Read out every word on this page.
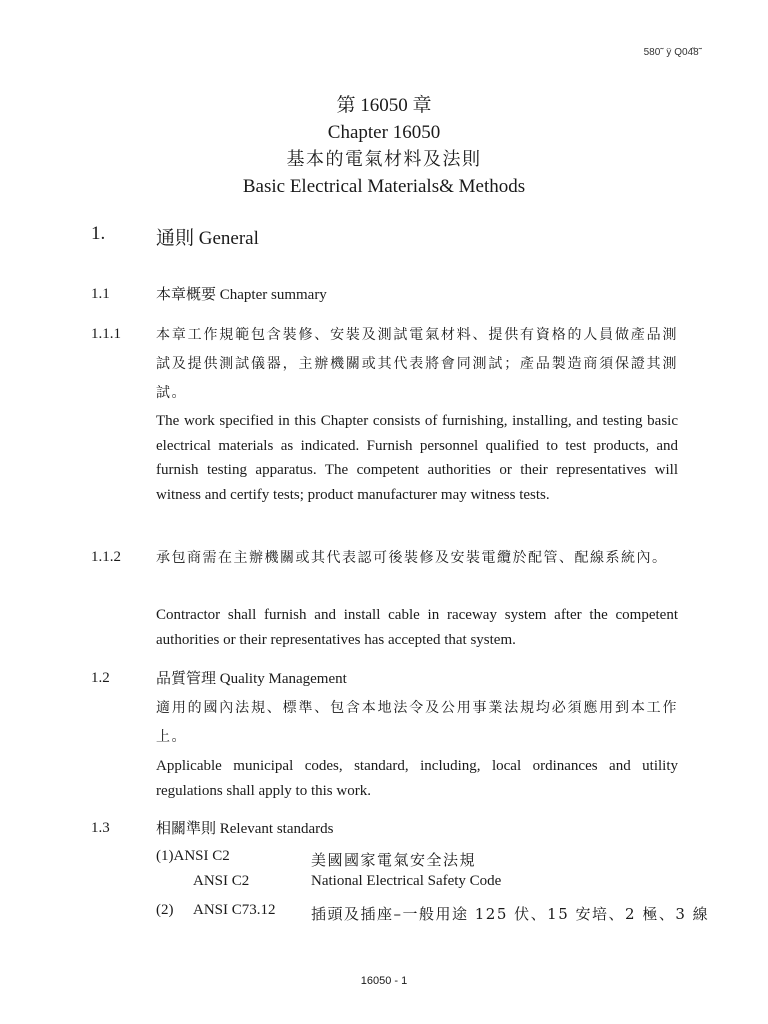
580˜ ÿ Q04̋8˜
第 16050 章
Chapter 16050
基本的電氣材料及法則
Basic Electrical Materials& Methods
1.	通則 General
1.1	本章概要 Chapter summary
1.1.1	本章工作規範包含裝修、安裝及測試電氣材料、提供有資格的人員做產品測試及提供測試儀器，主辦機關或其代表將會同測試；產品製造商須保證其測試。
The work specified in this Chapter consists of furnishing, installing, and testing basic electrical materials as indicated. Furnish personnel qualified to test products, and furnish testing apparatus. The competent authorities or their representatives will witness and certify tests; product manufacturer may witness tests.
1.1.2	承包商需在主辦機關或其代表認可後裝修及安裝電纜於配管、配線系統內。
Contractor shall furnish and install cable in raceway system after the competent authorities or their representatives has accepted that system.
1.2	品質管理 Quality Management
適用的國內法規、標準、包含本地法令及公用事業法規均必須應用到本工作上。
Applicable municipal codes, standard, including, local ordinances and utility regulations shall apply to this work.
1.3	相關準則 Relevant standards
(1)ANSI C2	美國國家電氣安全法規
ANSI C2	National Electrical Safety Code
(2) ANSI C73.12 插頭及插座–一般用途 125 伏、15 安培、2 極、3 線
16050 - 1
